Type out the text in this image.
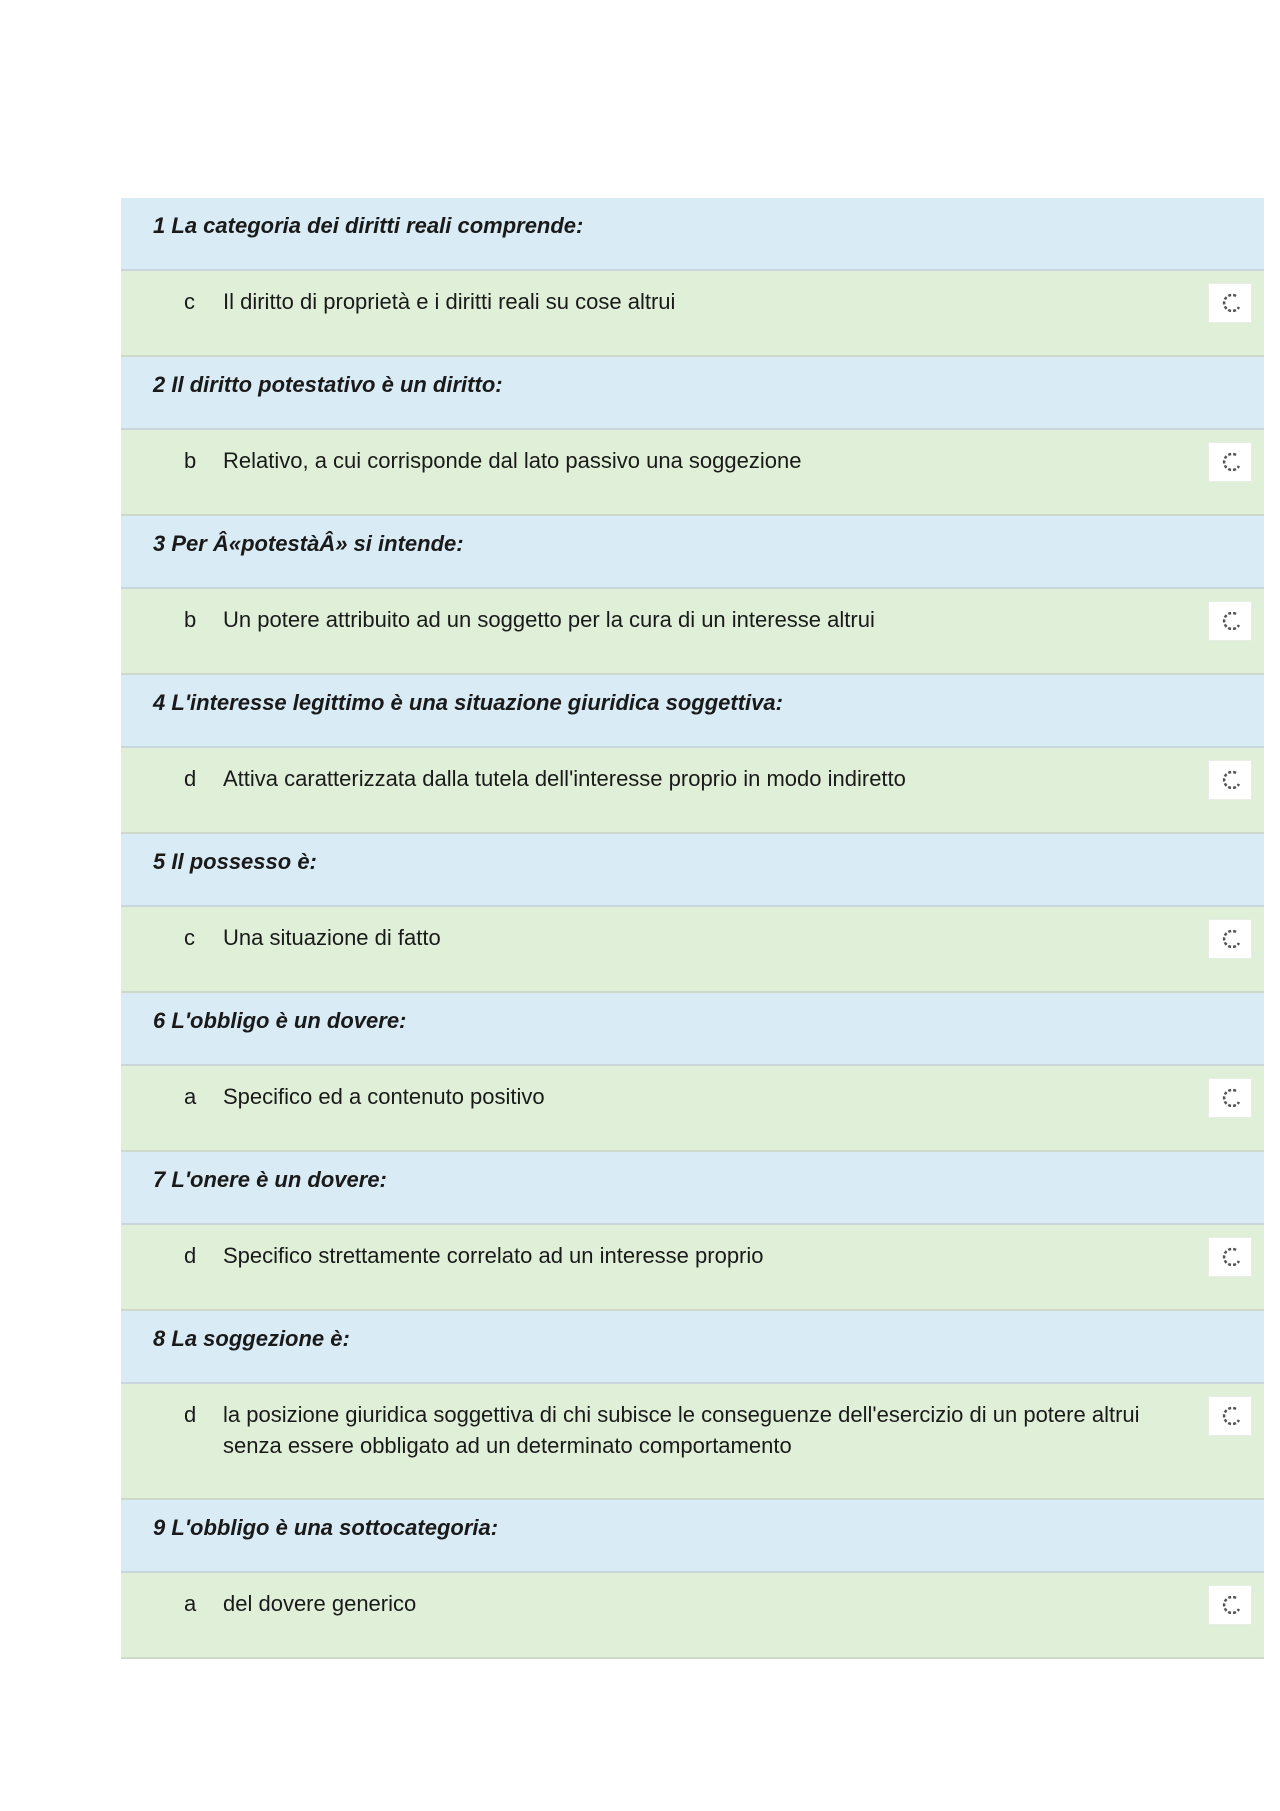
1 La categoria dei diritti reali comprende:
c	Il diritto di proprietà e i diritti reali su cose altrui
2 Il diritto potestativo è un diritto:
b	Relativo, a cui corrisponde dal lato passivo una soggezione
3 Per Â«potestàÂ» si intende:
b	Un potere attribuito ad un soggetto per la cura di un interesse altrui
4 L'interesse legittimo è una situazione giuridica soggettiva:
d	Attiva caratterizzata dalla tutela dell'interesse proprio in modo indiretto
5 Il possesso è:
c	Una situazione di fatto
6 L'obbligo è un dovere:
a	Specifico ed a contenuto positivo
7 L'onere è un dovere:
d	Specifico strettamente correlato ad un interesse proprio
8 La soggezione è:
d	la posizione giuridica soggettiva di chi subisce le conseguenze dell'esercizio di un potere altrui senza essere obbligato ad un determinato comportamento
9 L'obbligo è una sottocategoria:
a	del dovere generico
